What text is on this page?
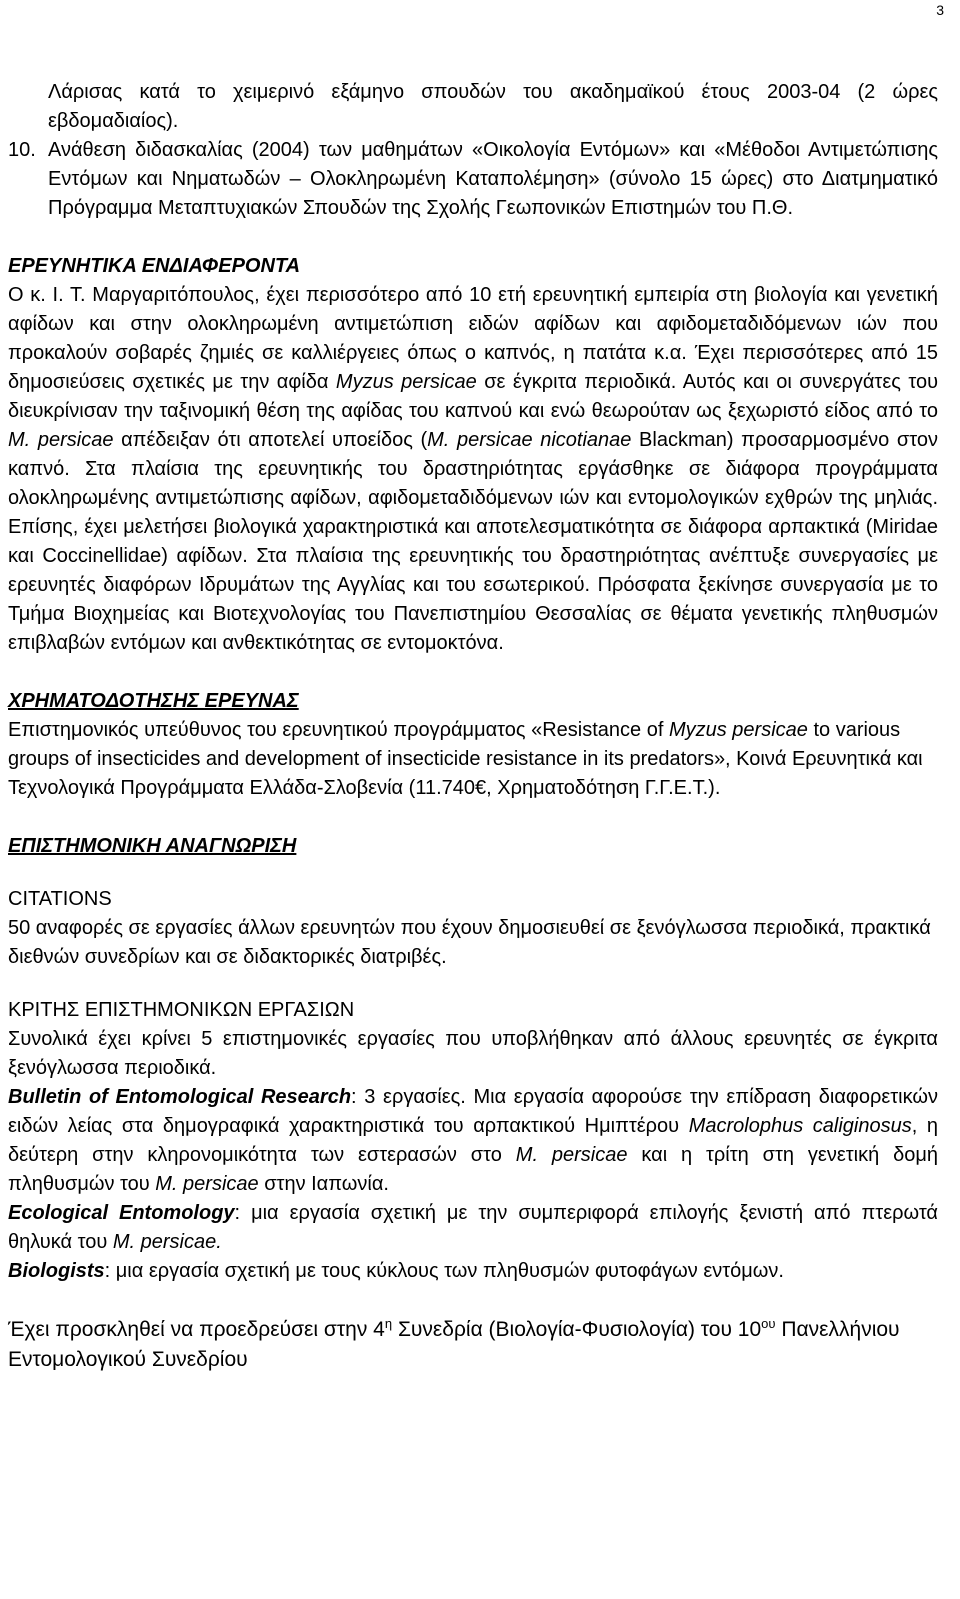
3

Λάρισας κατά το χειμερινό εξάμηνο σπουδών του ακαδημαϊκού έτους 2003-04 (2 ώρες εβδομαδιαίος).

10. Ανάθεση διδασκαλίας (2004) των μαθημάτων «Οικολογία Εντόμων» και «Μέθοδοι Αντιμετώπισης Εντόμων και Νηματωδών – Ολοκληρωμένη Καταπολέμηση» (σύνολο 15 ώρες) στο Διατμηματικό Πρόγραμμα Μεταπτυχιακών Σπουδών της Σχολής Γεωπονικών Επιστημών του Π.Θ.

ΕΡΕΥΝΗΤΙΚΑ ΕΝΔΙΑΦΕΡΟΝΤΑ

Ο κ. Ι. Τ. Μαργαριτόπουλος, έχει περισσότερο από 10 ετή ερευνητική εμπειρία στη βιολογία και γενετική αφίδων και στην ολοκληρωμένη αντιμετώπιση ειδών αφίδων και αφιδομεταδιδόμενων ιών που προκαλούν σοβαρές ζημιές σε καλλιέργειες όπως ο καπνός, η πατάτα κ.α. Έχει περισσότερες από 15 δημοσιεύσεις σχετικές με την αφίδα Myzus persicae σε έγκριτα περιοδικά. Αυτός και οι συνεργάτες του διευκρίνισαν την ταξινομική θέση της αφίδας του καπνού και ενώ θεωρούταν ως ξεχωριστό είδος από το M. persicae απέδειξαν ότι αποτελεί υποείδος (M. persicae nicotianae Blackman) προσαρμοσμένο στον καπνό. Στα πλαίσια της ερευνητικής του δραστηριότητας εργάσθηκε σε διάφορα προγράμματα ολοκληρωμένης αντιμετώπισης αφίδων, αφιδομεταδιδόμενων ιών και εντομολογικών εχθρών της μηλιάς. Επίσης, έχει μελετήσει βιολογικά χαρακτηριστικά και αποτελεσματικότητα σε διάφορα αρπακτικά (Miridae και Coccinellidae) αφίδων. Στα πλαίσια της ερευνητικής του δραστηριότητας ανέπτυξε συνεργασίες με ερευνητές διαφόρων Ιδρυμάτων της Αγγλίας και του εσωτερικού. Πρόσφατα ξεκίνησε συνεργασία με το Τμήμα Βιοχημείας και Βιοτεχνολογίας του Πανεπιστημίου Θεσσαλίας σε θέματα γενετικής πληθυσμών επιβλαβών εντόμων και ανθεκτικότητας σε εντομοκτόνα.

ΧΡΗΜΑΤΟΔΟΤΗΣΗΣ ΕΡΕΥΝΑΣ

Επιστημονικός υπεύθυνος του ερευνητικού προγράμματος «Resistance of Myzus persicae to various groups of insecticides and development of insecticide resistance in its predators», Κοινά Ερευνητικά και Τεχνολογικά Προγράμματα Ελλάδα-Σλοβενία (11.740€, Χρηματοδότηση Γ.Γ.Ε.Τ.).

ΕΠΙΣΤΗΜΟΝΙΚΗ ΑΝΑΓΝΩΡΙΣΗ

CITATIONS

50 αναφορές σε εργασίες άλλων ερευνητών που έχουν δημοσιευθεί σε ξενόγλωσσα περιοδικά, πρακτικά διεθνών συνεδρίων και σε διδακτορικές διατριβές.

ΚΡΙΤΗΣ ΕΠΙΣΤΗΜΟΝΙΚΩΝ ΕΡΓΑΣΙΩΝ

Συνολικά έχει κρίνει 5 επιστημονικές εργασίες που υποβλήθηκαν από άλλους ερευνητές σε έγκριτα ξενόγλωσσα περιοδικά.

Bulletin of Entomological Research: 3 εργασίες. Μια εργασία αφορούσε την επίδραση διαφορετικών ειδών λείας στα δημογραφικά χαρακτηριστικά του αρπακτικού Ημιπτέρου Macrolophus caliginosus, η δεύτερη στην κληρονομικότητα των εστερασών στο M. persicae και η τρίτη στη γενετική δομή πληθυσμών του M. persicae στην Ιαπωνία.

Ecological Entomology: μια εργασία σχετική με την συμπεριφορά επιλογής ξενιστή από πτερωτά θηλυκά του M. persicae.

Biologists: μια εργασία σχετική με τους κύκλους των πληθυσμών φυτοφάγων εντόμων.

Έχει προσκληθεί να προεδρεύσει στην $4^\eta$ Συνεδρία (Βιολογία-Φυσιολογία) του $10^{o\upsilon}$ Πανελλήνιου Εντομολογικού Συνεδρίου
